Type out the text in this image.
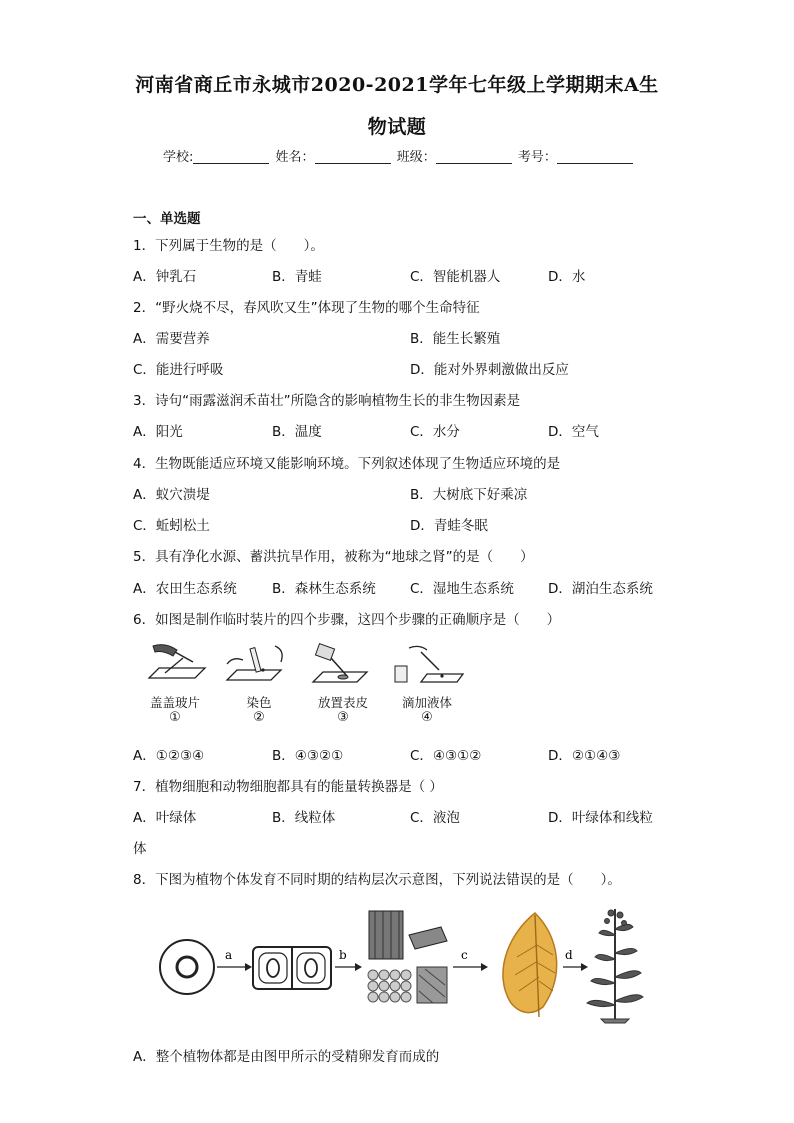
河南省商丘市永城市2020-2021学年七年级上学期期末A生
物试题
学校:	姓名：	班级：	考号：
一、单选题
1．下列属于生物的是（　　）。
A．钟乳石	B．青蛙	C．智能机器人	D．水
2．“野火烧不尽，春风吹又生”体现了生物的哪个生命特征
A．需要营养	B．能生长繁殖
C．能进行呼吸	D．能对外界刺激做出反应
3．诗句“雨露滋润禾苗壮”所隐含的影响植物生长的非生物因素是
A．阳光	B．温度	C．水分	D．空气
4．生物既能适应环境又能影响环境。下列叙述体现了生物适应环境的是
A．蚁穴溃堤	B．大树底下好乘凉
C．蚯蚓松土	D．青蛙冬眠
5．具有净化水源、蓄洪抗旱作用，被称为“地球之肾”的是（　　）
A．农田生态系统	B．森林生态系统	C．湿地生态系统	D．湖泊生态系统
6．如图是制作临时装片的四个步骤，这四个步骤的正确顺序是（　　）
盖盖玻片
①
染色
②
放置表皮
③
滴加液体
④
A．①②③④	B．④③②①	C．④③①②	D．②①④③
7．植物细胞和动物细胞都具有的能量转换器是（ ）
A．叶绿体	B．线粒体	C．液泡	D．叶绿体和线粒
体
8．下图为植物个体发育不同时期的结构层次示意图，下列说法错误的是（　　）。
a	b	c	d
A．整个植物体都是由图甲所示的受精卵发育而成的
